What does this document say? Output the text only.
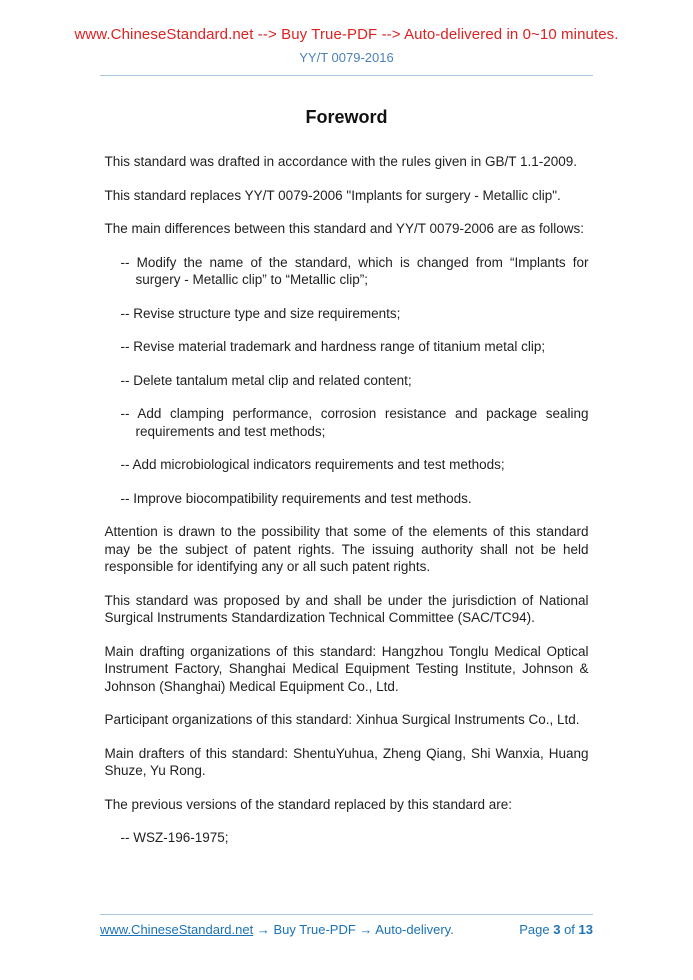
www.ChineseStandard.net --> Buy True-PDF --> Auto-delivered in 0~10 minutes.
YY/T 0079-2016
Foreword
This standard was drafted in accordance with the rules given in GB/T 1.1-2009.
This standard replaces YY/T 0079-2006 "Implants for surgery - Metallic clip".
The main differences between this standard and YY/T 0079-2006 are as follows:
-- Modify the name of the standard, which is changed from “Implants for surgery - Metallic clip” to “Metallic clip”;
-- Revise structure type and size requirements;
-- Revise material trademark and hardness range of titanium metal clip;
-- Delete tantalum metal clip and related content;
-- Add clamping performance, corrosion resistance and package sealing requirements and test methods;
-- Add microbiological indicators requirements and test methods;
-- Improve biocompatibility requirements and test methods.
Attention is drawn to the possibility that some of the elements of this standard may be the subject of patent rights. The issuing authority shall not be held responsible for identifying any or all such patent rights.
This standard was proposed by and shall be under the jurisdiction of National Surgical Instruments Standardization Technical Committee (SAC/TC94).
Main drafting organizations of this standard: Hangzhou Tonglu Medical Optical Instrument Factory, Shanghai Medical Equipment Testing Institute, Johnson & Johnson (Shanghai) Medical Equipment Co., Ltd.
Participant organizations of this standard: Xinhua Surgical Instruments Co., Ltd.
Main drafters of this standard: ShentuYuhua, Zheng Qiang, Shi Wanxia, Huang Shuze, Yu Rong.
The previous versions of the standard replaced by this standard are:
-- WSZ-196-1975;
www.ChineseStandard.net → Buy True-PDF → Auto-delivery.	Page 3 of 13
